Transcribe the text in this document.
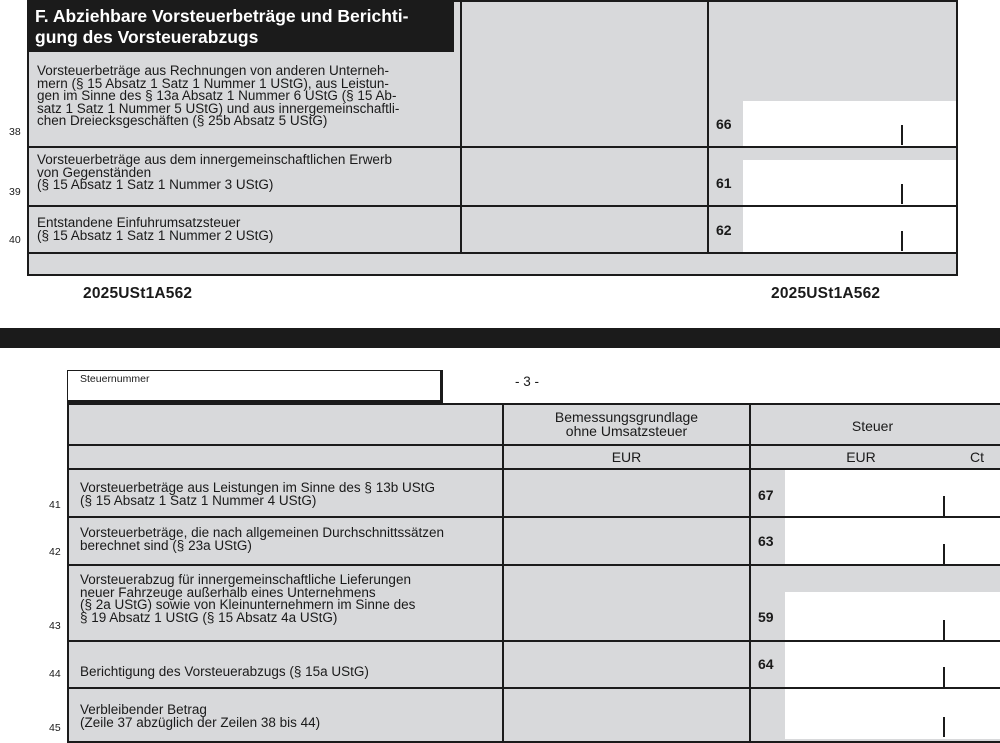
F. Abziehbare Vorsteuerbeträge und Berichti-
gung des Vorsteuerabzugs
38
Vorsteuerbeträge aus Rechnungen von anderen Unterneh-
mern (§ 15 Absatz 1 Satz 1 Nummer 1 UStG), aus Leistun-
gen im Sinne des § 13a Absatz 1 Nummer 6 UStG (§ 15 Ab-
satz 1 Satz 1 Nummer 5 UStG) und aus innergemeinschaftli-
chen Dreiecksgeschäften (§ 25b Absatz 5 UStG)	66
39
Vorsteuerbeträge aus dem innergemeinschaftlichen Erwerb
von Gegenständen
(§ 15 Absatz 1 Satz 1 Nummer 3 UStG)	61
40
Entstandene Einfuhrumsatzsteuer
(§ 15 Absatz 1 Satz 1 Nummer 2 UStG)	62
2025USt1A562	2025USt1A562
Steuernummer	- 3 -
Bemessungsgrundlage
ohne Umsatzsteuer	Steuer
EUR	EUR	Ct
41
Vorsteuerbeträge aus Leistungen im Sinne des § 13b UStG
(§ 15 Absatz 1 Satz 1 Nummer 4 UStG)	67
42
Vorsteuerbeträge, die nach allgemeinen Durchschnittssätzen
berechnet sind (§ 23a UStG)	63
43
Vorsteuerabzug für innergemeinschaftliche Lieferungen
neuer Fahrzeuge außerhalb eines Unternehmens
(§ 2a UStG) sowie von Kleinunternehmern im Sinne des
§ 19 Absatz 1 UStG (§ 15 Absatz 4a UStG)	59
44 Berichtigung des Vorsteuerabzugs (§ 15a UStG)	64
45
Verbleibender Betrag
(Zeile 37 abzüglich der Zeilen 38 bis 44)
